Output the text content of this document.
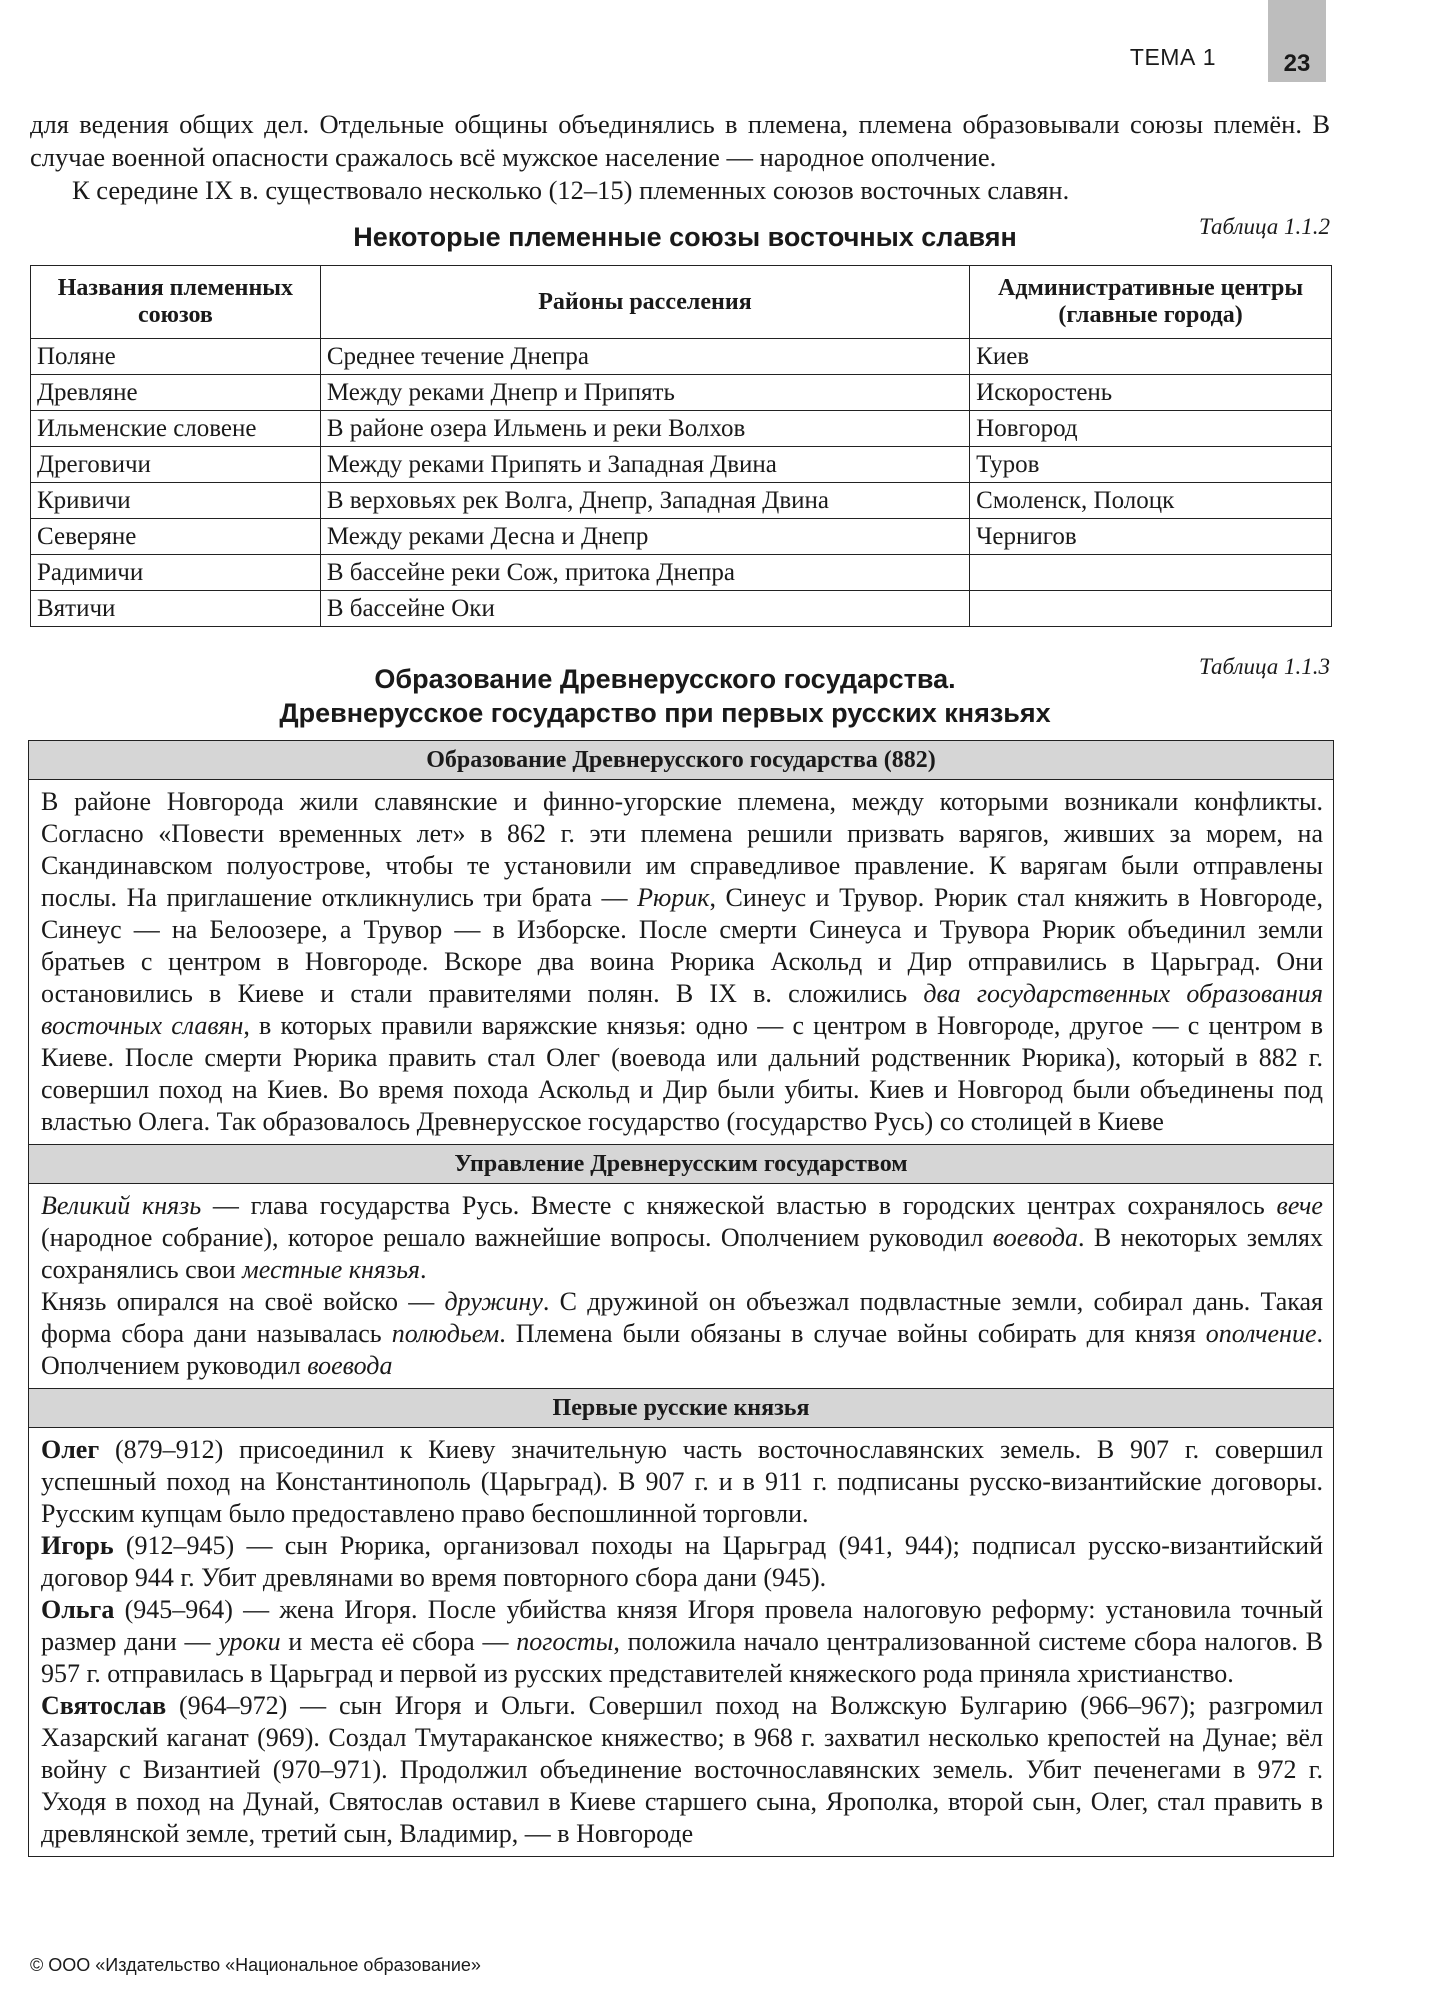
23
ТЕМА 1

для ведения общих дел. Отдельные общины объединялись в племена, племена образовывали союзы племён. В случае военной опасности сражалось всё мужское население — народное ополчение.

К середине IX в. существовало несколько (12–15) племенных союзов восточных славян.

Некоторые племенные союзы восточных славян	Таблица 1.1.2
Названия племенных союзов	Районы расселения	Административные центры (главные города)
Поляне	Среднее течение Днепра	Киев
Древляне	Между реками Днепр и Припять	Искоростень
Ильменские словене	В районе озера Ильмень и реки Волхов	Новгород
Дреговичи	Между реками Припять и Западная Двина	Туров
Кривичи	В верховьях рек Волга, Днепр, Западная Двина	Смоленск, Полоцк
Северяне	Между реками Десна и Днепр	Чернигов
Радимичи	В бассейне реки Сож, притока Днепра	
Вятичи	В бассейне Оки	
Образование Древнерусского государства.
Древнерусское государство при первых русских князьях
Таблица 1.1.3
Образование Древнерусского государства (882)

В районе Новгорода жили славянские и финно-угорские племена, между которыми возникали конфликты. Согласно «Повести временных лет» в 862 г. эти племена решили призвать варягов, живших за морем, на Скандинавском полуострове, чтобы те установили им справедливое правление. К варягам были отправлены послы. На приглашение откликнулись три брата — Рюрик, Синеус и Трувор. Рюрик стал княжить в Новгороде, Синеус — на Белоозере, а Трувор — в Изборске. После смерти Синеуса и Трувора Рюрик объединил земли братьев с центром в Новгороде. Вскоре два воина Рюрика Аскольд и Дир отправились в Царьград. Они остановились в Киеве и стали правителями полян. В IX в. сложились два государственных образования восточных славян, в которых правили варяжские князья: одно — с центром в Новгороде, другое — с центром в Киеве. После смерти Рюрика править стал Олег (воевода или дальний родственник Рюрика), который в 882 г. совершил поход на Киев. Во время похода Аскольд и Дир были убиты. Киев и Новгород были объединены под властью Олега. Так образовалось Древнерусское государство (государство Русь) со столицей в Киеве

Управление Древнерусским государством

Великий князь — глава государства Русь. Вместе с княжеской властью в городских центрах сохранялось вече (народное собрание), которое решало важнейшие вопросы. Ополчением руководил воевода. В некоторых землях сохранялись свои местные князья.

Князь опирался на своё войско — дружину. С дружиной он объезжал подвластные земли, собирал дань. Такая форма сбора дани называлась полюдьем. Племена были обязаны в случае войны собирать для князя ополчение. Ополчением руководил воевода

Первые русские князья

Олег (879–912) присоединил к Киеву значительную часть восточнославянских земель. В 907 г. совершил успешный поход на Константинополь (Царьград). В 907 г. и в 911 г. подписаны русско-византийские договоры. Русским купцам было предоставлено право беспошлинной торговли.

Игорь (912–945) — сын Рюрика, организовал походы на Царьград (941, 944); подписал русско-византийский договор 944 г. Убит древлянами во время повторного сбора дани (945).

Ольга (945–964) — жена Игоря. После убийства князя Игоря провела налоговую реформу: установила точный размер дани — уроки и места её сбора — погосты, положила начало централизованной системе сбора налогов. В 957 г. отправилась в Царьград и первой из русских представителей княжеского рода приняла христианство.

Святослав (964–972) — сын Игоря и Ольги. Совершил поход на Волжскую Булгарию (966–967); разгромил Хазарский каганат (969). Создал Тмутараканское княжество; в 968 г. захватил несколько крепостей на Дунае; вёл войну с Византией (970–971). Продолжил объединение восточнославянских земель. Убит печенегами в 972 г. Уходя в поход на Дунай, Святослав оставил в Киеве старшего сына, Ярополка, второй сын, Олег, стал править в древлянской земле, третий сын, Владимир, — в Новгороде

© ООО «Издательство «Национальное образование»
